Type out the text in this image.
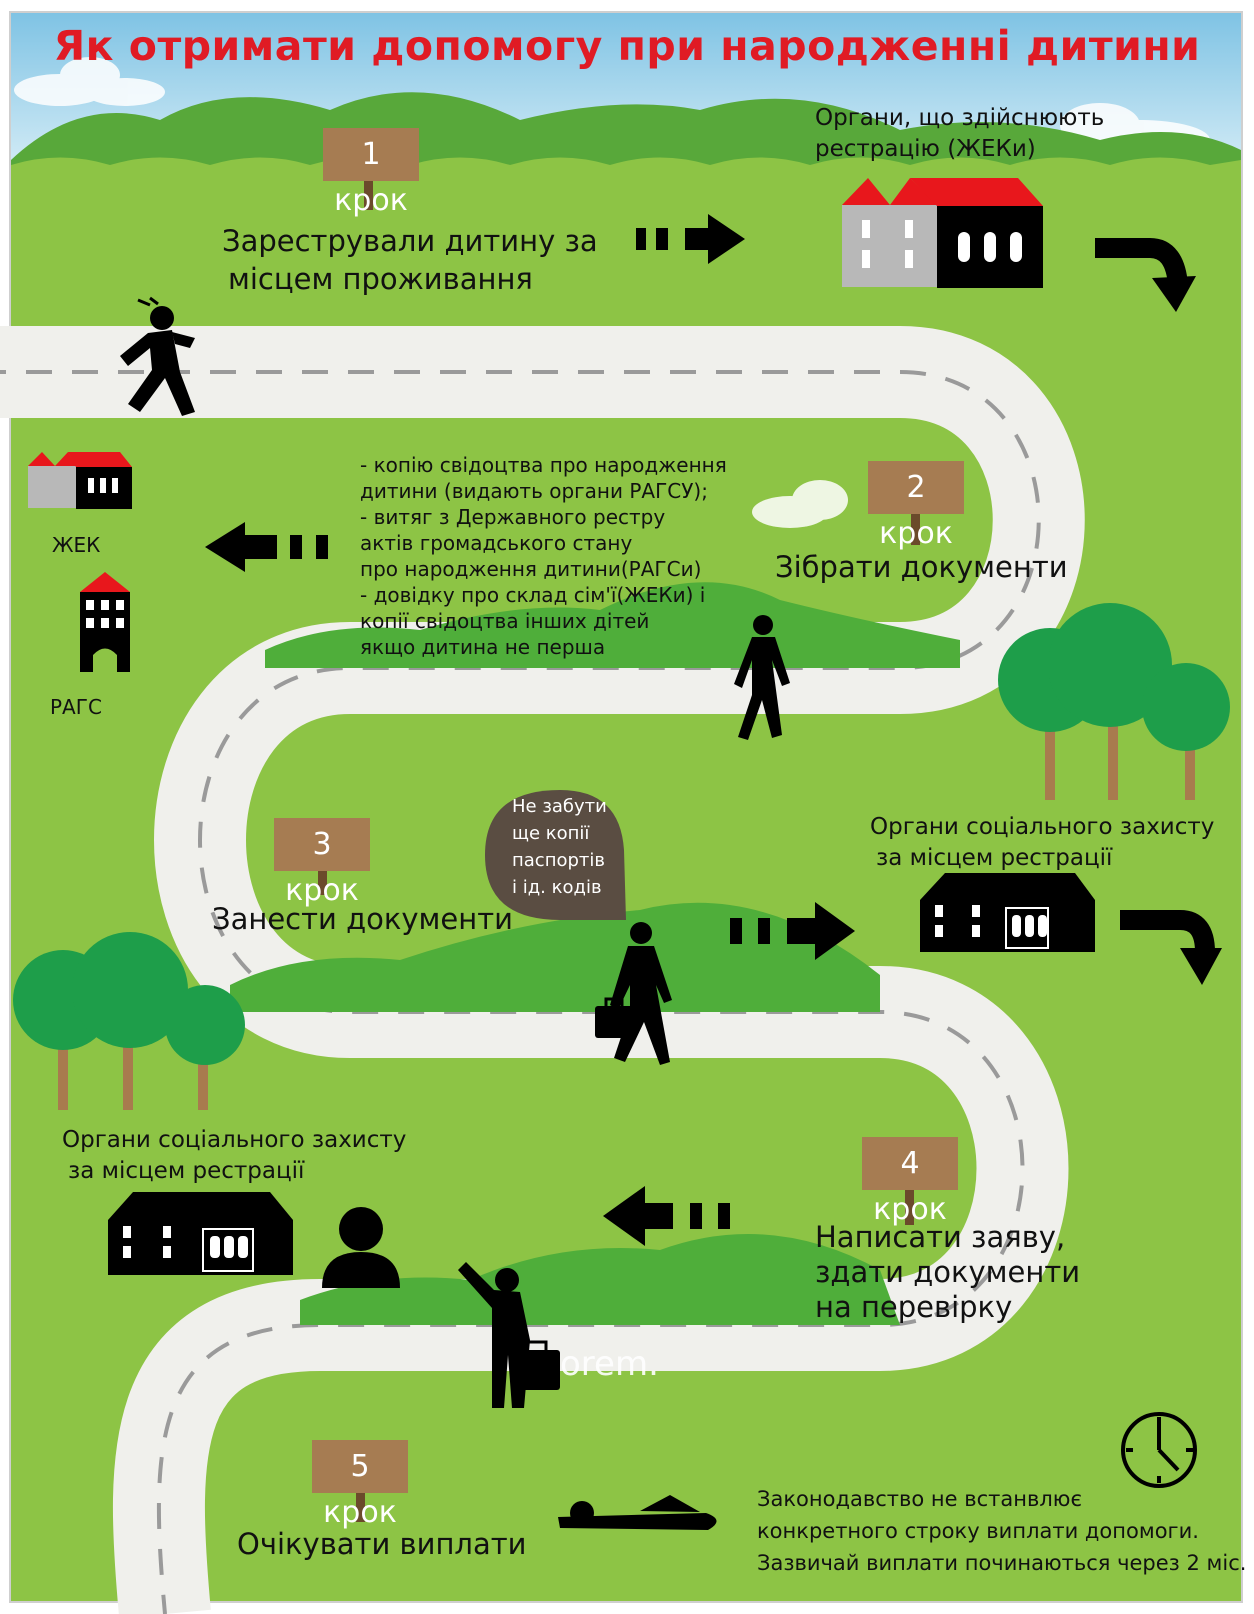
Як отримати допомогу при народженні дитини
1 крок
2 крок
3 крок
4 крок
5 крок
Зарестрували дитину за
місцем проживання
Зібрати документи
Занести документи
Написати заяву,
здати документи
на перевірку
Очікувати виплати
Органи, що здійснюють
рестрацію (ЖЕКи)
ЖЕК
РАГС
Органи соціального захисту
за місцем рестрації
Органи соціального захисту
за місцем рестрації
- копію свідоцтва про народження
дитини (видають органи РАГСУ);
- витяг з Державного рестру
актів громадського стану
про народження дитини(РАГСи)
- довідку про склад сім'ї(ЖЕКи) і
копії свідоцтва інших дітей
якщо дитина не перша
Не забути
ще копії
паспортів
і ід. кодів
Законодавство не встанвлює
конкретного строку виплати допомоги.
Зазвичай виплати починаються через 2 міс.
orem.
